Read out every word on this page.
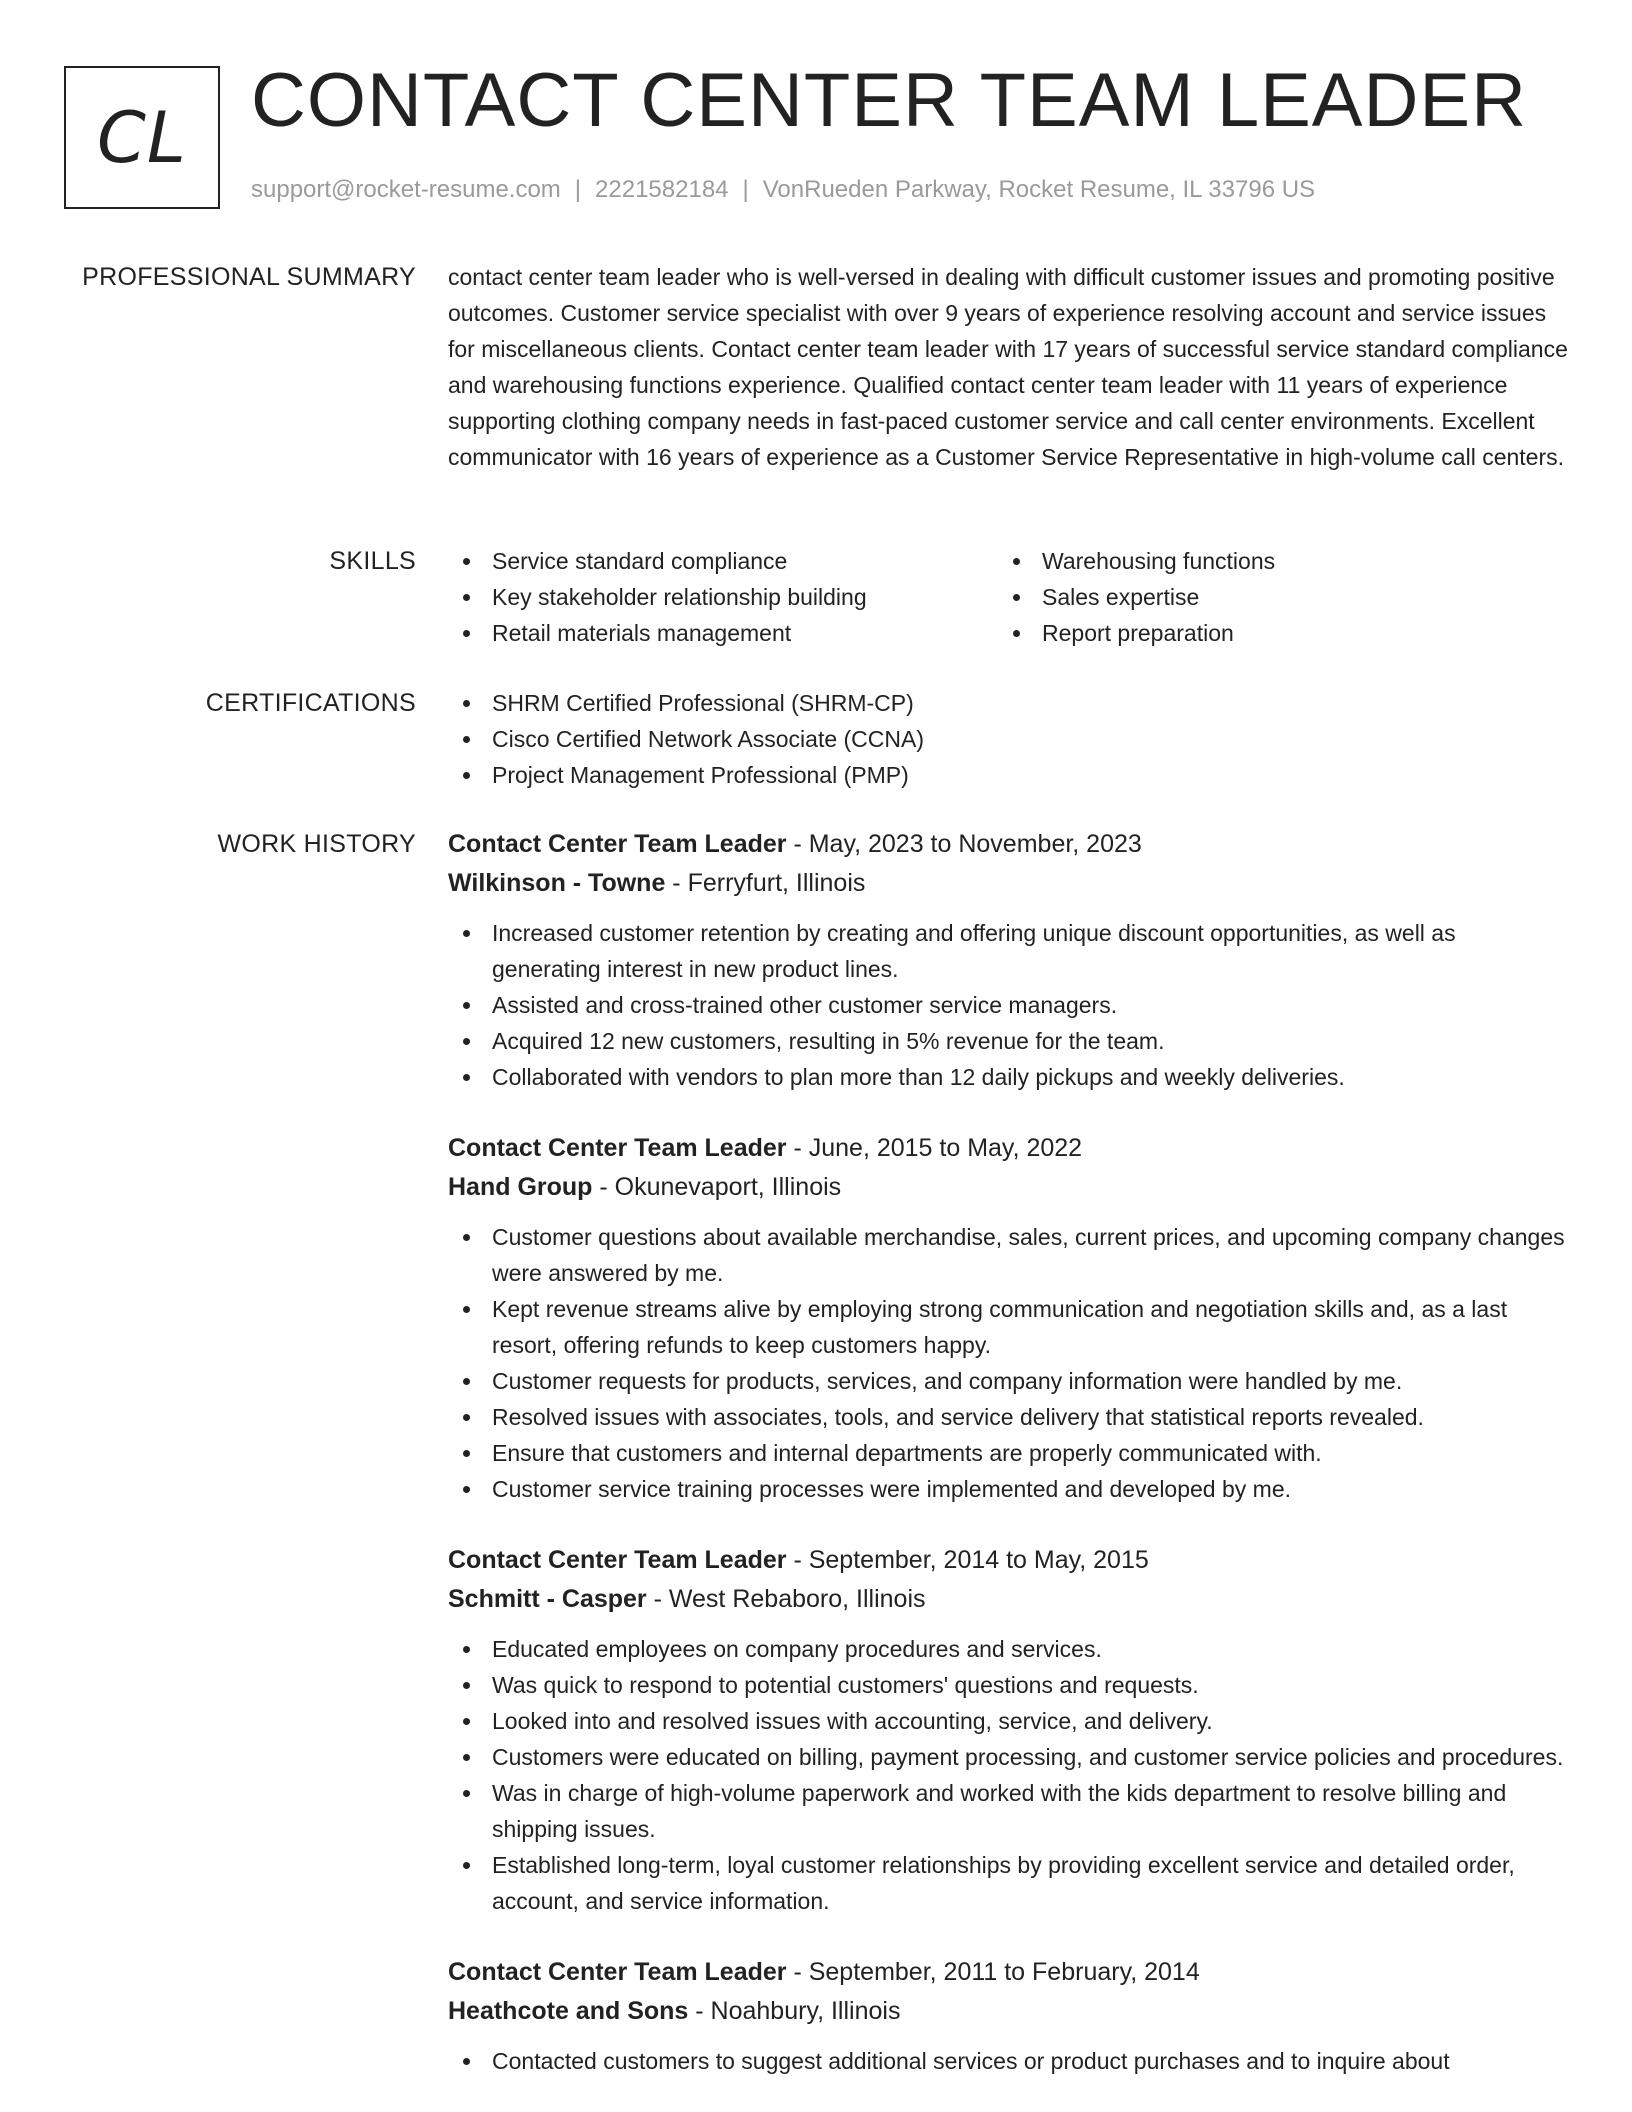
CL CONTACT CENTER TEAM LEADER
support@rocket-resume.com | 2221582184 | VonRueden Parkway, Rocket Resume, IL 33796 US
PROFESSIONAL SUMMARY contact center team leader who is well-versed in dealing with difficult customer issues and promoting positive outcomes. Customer service specialist with over 9 years of experience resolving account and service issues for miscellaneous clients. Contact center team leader with 17 years of successful service standard compliance and warehousing functions experience. Qualified contact center team leader with 11 years of experience supporting clothing company needs in fast-paced customer service and call center environments. Excellent communicator with 16 years of experience as a Customer Service Representative in high-volume call centers.

SKILLS	Service standard compliance
Key stakeholder relationship building
Retail materials management
Warehousing functions
Sales expertise
Report preparation
CERTIFICATIONS	SHRM Certified Professional (SHRM-CP)
Cisco Certified Network Associate (CCNA)
Project Management Professional (PMP)
WORK HISTORY Contact Center Team Leader - May, 2023 to November, 2023
Wilkinson - Towne - Ferryfurt, Illinois
Increased customer retention by creating and offering unique discount opportunities, as well as generating interest in new product lines.
Assisted and cross-trained other customer service managers.
Acquired 12 new customers, resulting in 5% revenue for the team.
Collaborated with vendors to plan more than 12 daily pickups and weekly deliveries.
Contact Center Team Leader - June, 2015 to May, 2022
Hand Group - Okunevaport, Illinois
Customer questions about available merchandise, sales, current prices, and upcoming company changes were answered by me.
Kept revenue streams alive by employing strong communication and negotiation skills and, as a last resort, offering refunds to keep customers happy.
Customer requests for products, services, and company information were handled by me.
Resolved issues with associates, tools, and service delivery that statistical reports revealed.
Ensure that customers and internal departments are properly communicated with.
Customer service training processes were implemented and developed by me.
Contact Center Team Leader - September, 2014 to May, 2015
Schmitt - Casper - West Rebaboro, Illinois
Educated employees on company procedures and services.
Was quick to respond to potential customers' questions and requests.
Looked into and resolved issues with accounting, service, and delivery.
Customers were educated on billing, payment processing, and customer service policies and procedures.
Was in charge of high-volume paperwork and worked with the kids department to resolve billing and shipping issues.
Established long-term, loyal customer relationships by providing excellent service and detailed order, account, and service information.
Contact Center Team Leader - September, 2011 to February, 2014
Heathcote and Sons - Noahbury, Illinois
Contacted customers to suggest additional services or product purchases and to inquire about
